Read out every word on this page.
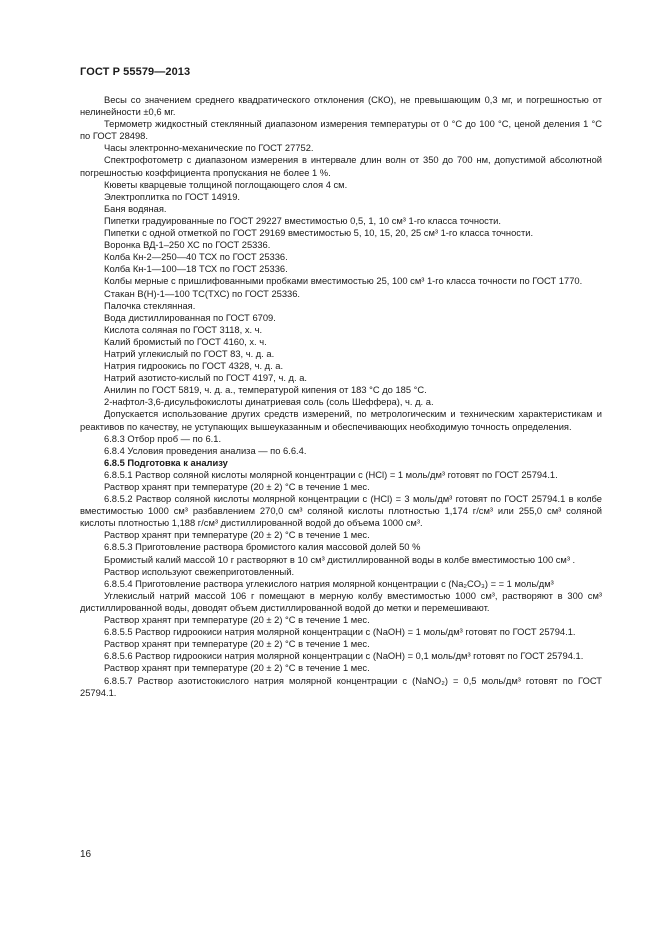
ГОСТ Р 55579—2013

Весы со значением среднего квадратического отклонения (СКО), не превышающим 0,3 мг, и погрешностью от нелинейности ±0,6 мг.

Термометр жидкостный стеклянный диапазоном измерения температуры от 0 °С до 100 °С, ценой деления 1 °С по ГОСТ 28498.

Часы электронно-механические по ГОСТ 27752.

Спектрофотометр с диапазоном измерения в интервале длин волн от 350 до 700 нм, допустимой абсолютной погрешностью коэффициента пропускания не более 1 %.

Кюветы кварцевые толщиной поглощающего слоя 4 см.

Электроплитка по ГОСТ 14919.

Баня водяная.

Пипетки градуированные по ГОСТ 29227 вместимостью 0,5, 1, 10 см³ 1-го класса точности.

Пипетки с одной отметкой по ГОСТ 29169 вместимостью 5, 10, 15, 20, 25 см³ 1-го класса точности.

Воронка ВД-1–250 ХС по ГОСТ 25336.

Колба Кн-2—250—40 ТСХ по ГОСТ 25336.

Колба Кн-1—100—18 ТСХ по ГОСТ 25336.

Колбы мерные с пришлифованными пробками вместимостью 25, 100 см³ 1-го класса точности по ГОСТ 1770.

Стакан В(Н)-1—100 ТС(ТХС) по ГОСТ 25336.

Палочка стеклянная.

Вода дистиллированная по ГОСТ 6709.

Кислота соляная по ГОСТ 3118, х. ч.

Калий бромистый по ГОСТ 4160, х. ч.

Натрий углекислый по ГОСТ 83, ч. д. а.

Натрия гидроокись по ГОСТ 4328, ч. д. а.

Натрий азотисто-кислый по ГОСТ 4197, ч. д. а.

Анилин по ГОСТ 5819, ч. д. а., температурой кипения от 183 °С до 185 °С.

2-нафтол-3,6-дисульфокислоты динатриевая соль (соль Шеффера), ч. д. а.

Допускается использование других средств измерений, по метрологическим и техническим характеристикам и реактивов по качеству, не уступающих вышеуказанным и обеспечивающих необходимую точность определения.

6.8.3 Отбор проб — по 6.1.

6.8.4 Условия проведения анализа — по 6.6.4.

6.8.5 Подготовка к анализу

6.8.5.1 Раствор соляной кислоты молярной концентрации с (HCl) = 1 моль/дм³ готовят по ГОСТ 25794.1.

Раствор хранят при температуре (20 ± 2) °С в течение 1 мес.

6.8.5.2 Раствор соляной кислоты молярной концентрации с (HCl) = 3 моль/дм³ готовят по ГОСТ 25794.1 в колбе вместимостью 1000 см³ разбавлением 270,0 см³ соляной кислоты плотностью 1,174 г/см³ или 255,0 см³ соляной кислоты плотностью 1,188 г/см³ дистиллированной водой до объема 1000 см³.

Раствор хранят при температуре (20 ± 2) °С в течение 1 мес.

6.8.5.3 Приготовление раствора бромистого калия массовой долей 50 %

Бромистый калий массой 10 г растворяют в 10 см³ дистиллированной воды в колбе вместимостью 100 см³ .

Раствор используют свежеприготовленный.

6.8.5.4 Приготовление раствора углекислого натрия молярной концентрации с (Na₂CO₃) = = 1 моль/дм³

Углекислый натрий массой 106 г помещают в мерную колбу вместимостью 1000 см³, растворяют в 300 см³ дистиллированной воды, доводят объем дистиллированной водой до метки и перемешивают.

Раствор хранят при температуре (20 ± 2) °С в течение 1 мес.

6.8.5.5 Раствор гидроокиси натрия молярной концентрации с (NaOH) = 1 моль/дм³ готовят по ГОСТ 25794.1.

Раствор хранят при температуре (20 ± 2) °С в течение 1 мес.

6.8.5.6 Раствор гидроокиси натрия молярной концентрации с (NaOH) = 0,1 моль/дм³ готовят по ГОСТ 25794.1.

Раствор хранят при температуре (20 ± 2) °С в течение 1 мес.

6.8.5.7 Раствор азотистокислого натрия молярной концентрации с (NaNO₂) = 0,5 моль/дм³ готовят по ГОСТ 25794.1.

16
